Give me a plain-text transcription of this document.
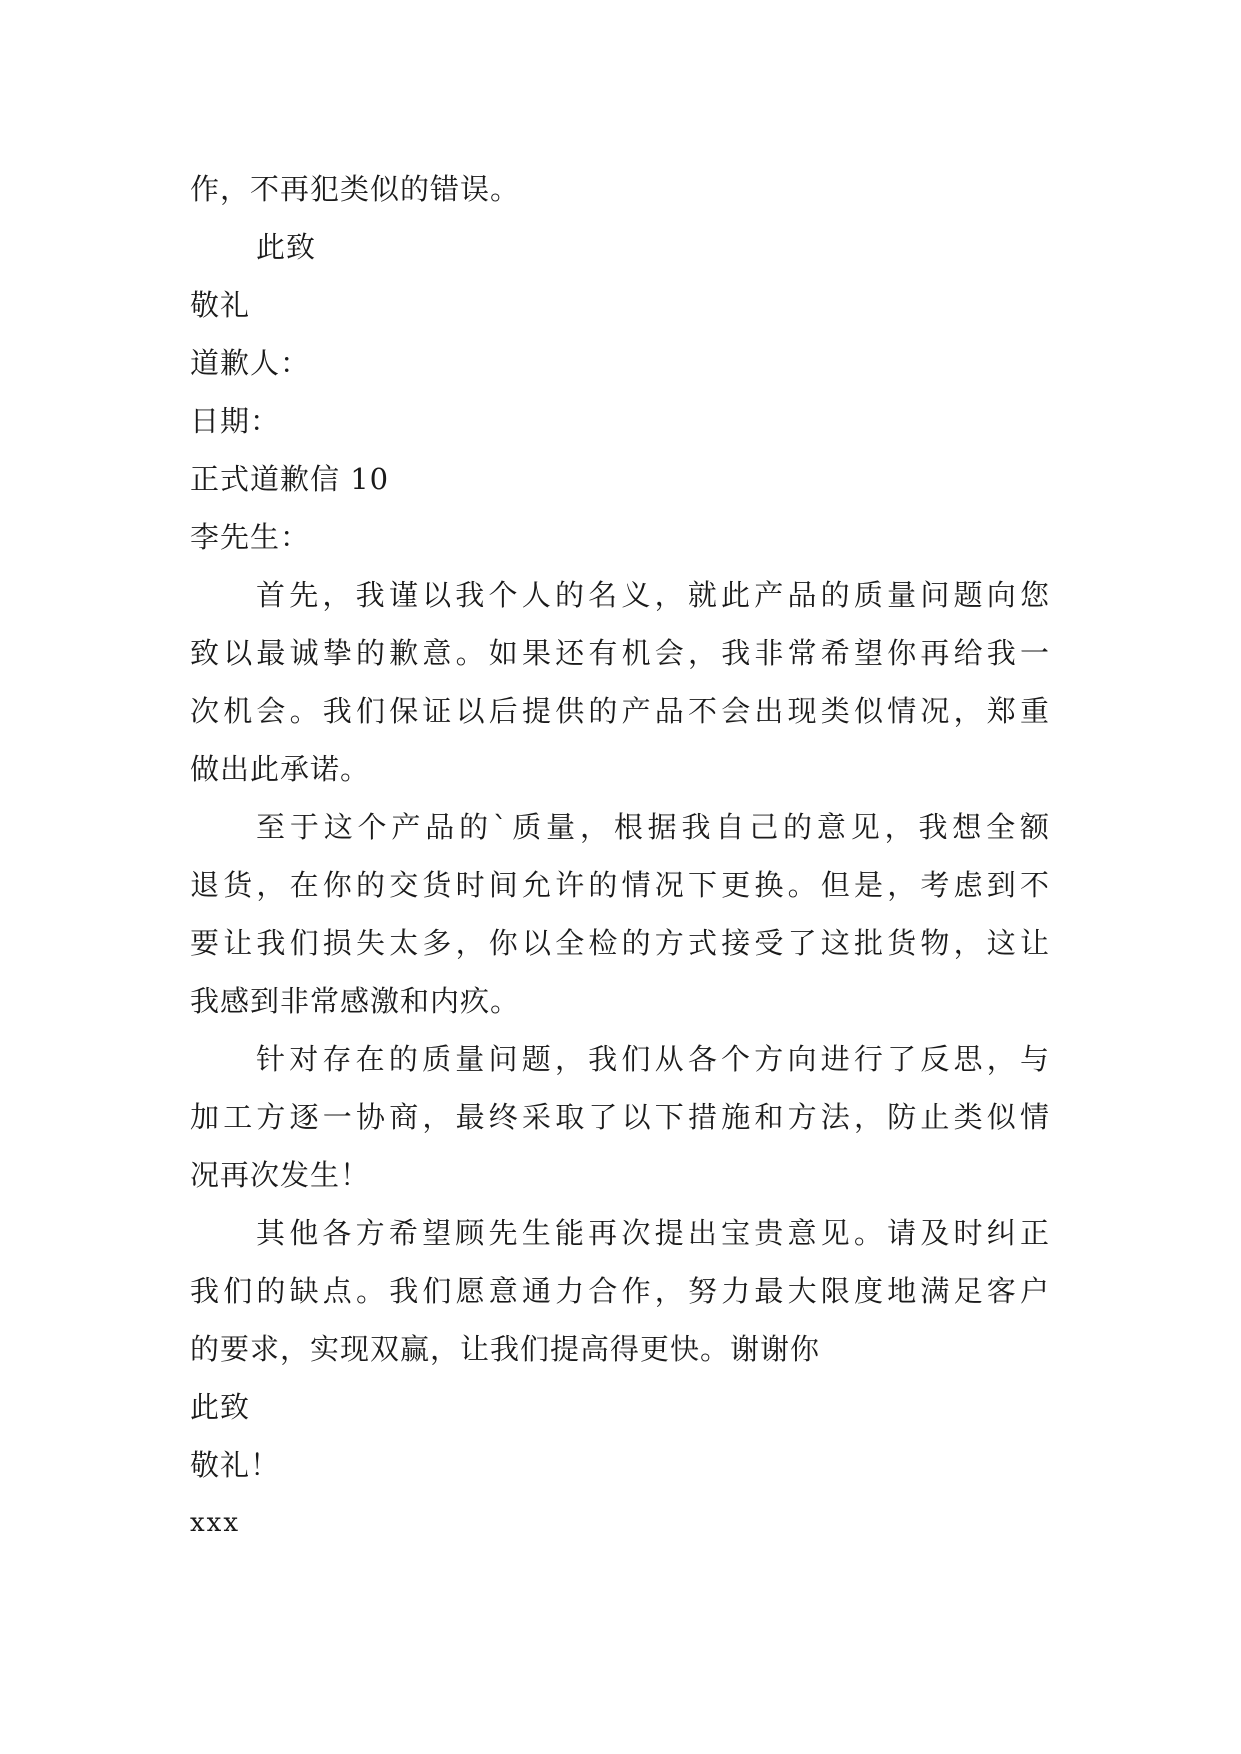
作，不再犯类似的错误。
此致
敬礼
道歉人：
日期：
正式道歉信 10
李先生：
首先，我谨以我个人的名义，就此产品的质量问题向您
致以最诚挚的歉意。如果还有机会，我非常希望你再给我一
次机会。我们保证以后提供的产品不会出现类似情况，郑重
做出此承诺。
至于这个产品的`质量，根据我自己的意见，我想全额
退货，在你的交货时间允许的情况下更换。但是，考虑到不
要让我们损失太多，你以全检的方式接受了这批货物，这让
我感到非常感激和内疚。
针对存在的质量问题，我们从各个方向进行了反思，与
加工方逐一协商，最终采取了以下措施和方法，防止类似情
况再次发生！
其他各方希望顾先生能再次提出宝贵意见。请及时纠正
我们的缺点。我们愿意通力合作，努力最大限度地满足客户
的要求，实现双赢，让我们提高得更快。谢谢你
此致
敬礼！
xxx
